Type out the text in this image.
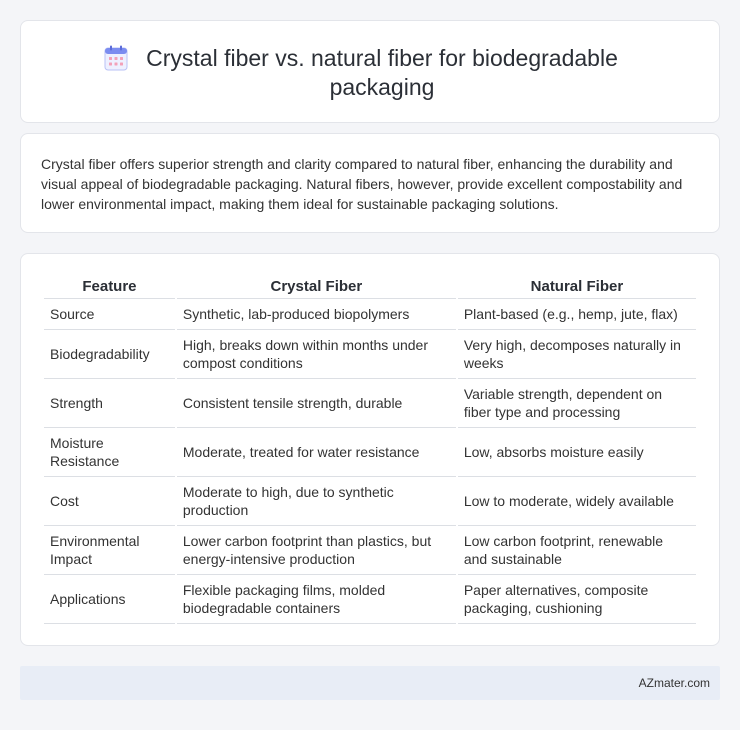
Crystal fiber vs. natural fiber for biodegradable packaging

Crystal fiber offers superior strength and clarity compared to natural fiber, enhancing the durability and visual appeal of biodegradable packaging. Natural fibers, however, provide excellent compostability and lower environmental impact, making them ideal for sustainable packaging solutions.

Feature	Crystal Fiber	Natural Fiber
Source	Synthetic, lab-produced biopolymers	Plant-based (e.g., hemp, jute, flax)
Biodegradability	High, breaks down within months under compost conditions	Very high, decomposes naturally in weeks
Strength	Consistent tensile strength, durable	Variable strength, dependent on fiber type and processing
Moisture Resistance	Moderate, treated for water resistance	Low, absorbs moisture easily
Cost	Moderate to high, due to synthetic production	Low to moderate, widely available
Environmental Impact	Lower carbon footprint than plastics, but energy-intensive production	Low carbon footprint, renewable and sustainable
Applications	Flexible packaging films, molded biodegradable containers	Paper alternatives, composite packaging, cushioning
AZmater.com
